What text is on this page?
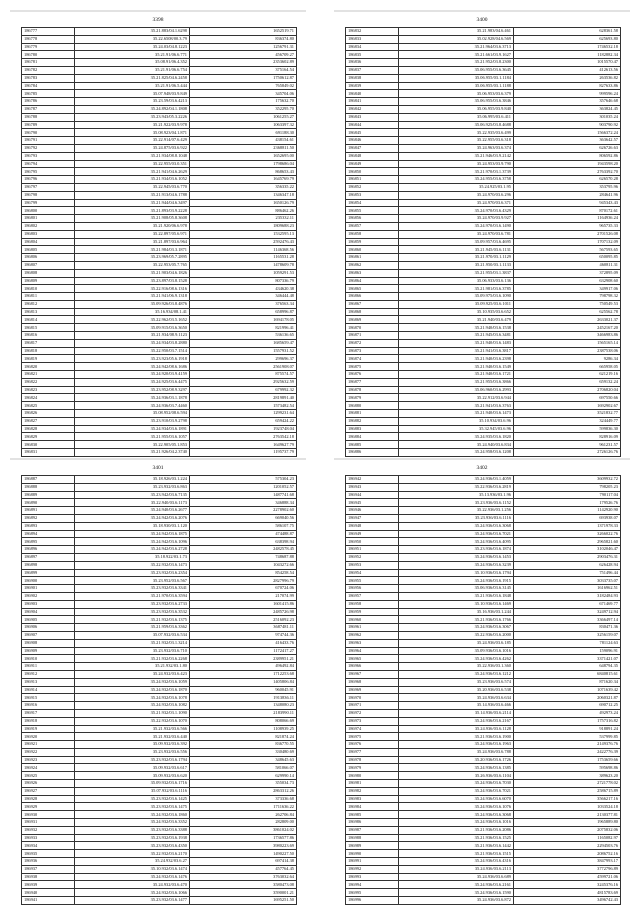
3398
186777	35.21.883/04.1.6298	1652519.71
186778	35.22.6508/00.3.79	836374.80
186779	35.24.03/04.8.1223	1256791.31
186780	35.21.91/06.6.771	456709.27
186781	35.08.91/06.4.352	2353602.89
186782	35.21.91/06.6.754	375164.54
186783	35.21.825/04.6.2458	1750612.87
186784	35.21.91/06.5.444	765849.02
186785	35.07.948/03.9.849	345704.06
186786	35.23.59/03.6.4213	175632.70
186787	35.24.892/04.1.1808	352295.70
186788	35.23.943/05.3.2226	1061255.27
186789	35.21.922/03.9.978	1063397.32
186790	35.08.923/04.1.871	691188.30
186791	35.22.914/07.6.429	438154.61
186792	35.24.875/03.6.922	2368811.50
186793	35.21.934/08.8.1048	1652695.00
186794	35.22.955/03.0.351	1798686.04
186795	35.21.941/04.6.2629	868653.43
186796	35.21.934/03.6.1052	1645769.79
186797	35.22.945/03.6.770	356335.22
186798	35.21.913/04.6.1788	1346347.18
186799	35.21.944/04.6.3497	1650126.79
186800	35.21.893/03.9.2228	886462.26
186801	35.21.908/05.8.3608	235332.11
186802	35.21.920/06.6.978	1809688.23
186803	35.22.897/05.6.971	1532595.13
186804	35.21.897/03.6.964	2592476.43
186805	35.21.984/03.3.1871	1146368.56
186806	35.23.969/05.7.2895	1165531.28
186807	35.22.953/05.7.765	1478609.78
186808	35.21.903/04.6.1826	1059291.53
186809	35.23.897/03.8.1528	807336.79
186810	35.22.916/08.6.1316	434620.38
186811	35.21.941/06.9.1318	346444.48
186812	35.09.926/03.8.4876	376563.34
186813	35.16.934/08.1.41	658996.87
186814	35.22.962/03.5.1652	1694178.05
186815	35.09.915/03.6.3650	821996.41
186816	35.21.934/08.9.1123	536136.65
186817	35.24.934/03.8.2880	1685659.47
186818	35.22.950/03.7.1514	1557931.52
186819	35.23.923/05.6.1918	299696.37
186820	35.24.942/08.6.1686	2561908.07
186821	35.24.920/03.9.4159	875574.57
186822	35.24.925/03.6.4475	2925632.59
186823	35.23.952/08.9.3297	679992.32
186824	35.24.936/03.1.1878	2819891.40
186825	35.24.936/03.7.4460	1573482.54
186826	35.08.952/08.6.594	1299231.64
186827	35.23.910/03.9.2798	659424.22
186828	35.24.934/03.6.1891	1923748.04
186829	35.21.955/03.6.1057	2763542.18
186830	35.22.905/05.1.853	1649627.79
186831	35.21.926/04.2.3740	1195737.79
3400
186832	35.21.983/04.6.461	628361.58
186833	35.02.928/04.6.569	625693.80
186834	35.21.964/03.6.3713	1746532.18
186835	35.21.661/03.9.1627	1182882.34
186836	35.21.952/03.8.2300	1015570.47
186837	35.06.955/03.6.3645	412613.56
186838	35.06.955/03.1.1184	263536.82
186839	35.06.955/03.1.1188	827633.86
186840	35.06.953/03.6.379	999596.24
186841	35.06.955/03.6.3846	357646.68
186842	35.06.955/03.9.840	363824.45
186843	35.06.995/03.6.411	301035.24
186844	35.06.925/03.8.4688	903790.92
186845	35.22.935/03.6.499	1566372.24
186846	35.22.955/03.6.318	363642.57
186847	35.24.963/03.6.374	626726.63
186848	35.21.946/03.9.2142	806592.86
186849	35.24.953/03.9.790	1943598.20
186850	35.21.970/03.1.3739	2763392.70
186851	35.24.955/03.6.3758	626570.28
186852	35.24.925/03.1.95	353795.96
186853	35.24.970/03.6.296	284641.96
186854	35.24.970/03.6.371	945343.43
186855	35.24.970/03.6.4329	870172.61
186856	35.24.970/03.9.927	1164936.24
186857	35.24.970/03.6.1490	965735.33
186858	35.24.970/03.6.781	2701526.08
186859	35.09.957/03.6.4695	1707132.09
186860	35.21.945/03.6.1131	567593.65
186861	35.21.970/03.1.1129	650095.85
186862	35.21.950/03.1.1133	460811.31
186863	35.21.955/03.1.3837	372895.09
186864	35.06.933/03.6.136	632908.60
186865	35.21.981/03.6.3785	349917.06
186866	35.09.975/03.6.1090	798798.32
186867	35.09.925/03.6.1011	750549.53
186868	35.10.935/03.6.652	625562.78
186869	35.21.940/03.6.479	2633021.37
186870	35.21.940/03.6.1538	2452167.20
186871	35.21.945/03.6.3481	3466983.86
186872	35.21.940/03.6.1483	1565165.14
186873	35.21.941/03.6.3817	2387538.06
186874	35.21.940/03.6.2398	9286.34
186875	35.21.940/03.6.1549	665958.05
186876	35.21.940/03.6.1721	621219.16
186877	35.21.955/03.6.3866	659132.24
186878	35.06.960/03.6.2993	2706820.04
186879	35.22.912/03.6.944	697550.66
186880	35.21.941/03.6.3763	1692902.67
186881	35.21.940/03.6.1473	3521832.77
186882	35.10.934/03.6.96	324449.77
186883	35.32.945/03.6.96	599836.30
186884	35.24.935/03.6.1820	828916.09
186885	35.24.940/03.6.834	961231.57
186886	35.24.958/03.6.1208	2726126.76
3401
186887	35.18.926/03.1.224	575304.23
186888	35.23.932/03.6.863	1201052.57
186889	35.23.942/03.6.7135	1487741.68
186890	35.22.940/03.6.1173	346888.34
186891	35.24.940/03.6.2677	2278902.60
186892	35.24.942/03.6.2076	669040.56
186893	35.18.930/03.1.120	586107.75
186894	35.24.942/03.6.1875	474488.87
186895	35.24.942/03.6.1096	638398.94
186896	35.24.942/03.6.2728	2482578.45
186897	35.18.922/03.1.73	748687.88
186898	35.22.932/03.6.1473	1043272.66
186899	35.23.932/03.6.2354	854258.54
186900	35.23.952/03.6.567	2827996.79
186901	35.23.932/03.6.3341	670724.06
186902	35.21.970/03.6.3594	217074.99
186903	35.23.932/03.6.2733	1601415.86
186904	35.23.932/03.6.3532	2485726.98
186905	35.21.932/03.6.1375	2516092.23
186906	35.21.959/03.6.3362	3687481.11
186907	35.07.932/03.6.534	974744.36
186908	35.21.932/03.1.3214	416433.76
186909	35.23.932/03.6.710	1172417.27
186910	35.21.932/03.6.2268	2389951.21
186911	35.21.932/03.1.80	496492.84
186912	35.24.932/03.6.423	1712253.68
186913	35.24.932/03.6.1059	1405806.84
186914	35.24.932/03.6.1870	960045.91
186915	35.24.932/03.6.1078	1913836.11
186916	35.24.932/03.6.1082	1348080.23
186917	35.21.932/03.1.1090	2183990.11
186918	35.22.932/03.6.1070	808066.69
186919	35.21.932/03.6.566	1108939.25
186920	35.21.932/03.6.440	821874.24
186921	35.09.932/03.6.392	836770.55
186922	35.23.932/03.6.556	330480.69
186923	35.23.932/03.6.1794	348645.63
186924	35.09.932/03.6.617	581066.07
186925	35.09.932/03.6.620	629990.14
186926	35.09.932/03.6.1716	355034.73
186927	35.07.932/03.6.1116	2863312.26
186928	35.23.932/03.6.1425	373336.68
186929	35.23.932/03.6.1475	1711636.22
186930	35.24.932/03.6.1860	262706.84
186931	35.24.932/03.6.3352	282809.00
186932	35.23.932/03.6.3388	3861024.02
186933	35.23.932/03.6.1938	1736577.86
186934	35.23.932/03.6.4350	3980223.69
186935	35.22.932/03.6.2170	1490227.50
186936	35.24.932/03.6.27	697414.38
186937	35.10.932/03.6.1474	457764.45
186938	35.24.932/03.6.1476	3763032.64
186939	35.24.932/03.6.470	3580473.08
186940	35.24.932/03.6.1066	3590001.21
186941	35.23.932/03.6.1477	1695251.50
3402
186942	35.24.936/03.1.4059	3609932.72
186943	35.22.936/03.6.2819	798205.23
186944	35.13.936/03.1.96	790117.04
186945	35.23.936/03.6.1152	179526.76
186946	35.22.936/03.1.256	1142920.90
186947	35.23.936/03.6.1116	693938.07
186948	35.24.936/03.6.3068	1371978.33
186949	35.24.936/03.6.7021	3266022.76
186950	35.24.936/03.6.4095	2965821.60
186951	35.23.936/03.6.1874	3102046.47
186952	35.24.936/03.6.1453	2903476.31
186953	35.24.936/03.6.3239	626428.94
186954	35.10.936/03.6.1794	751496.44
186955	35.24.936/03.6.1915	3033735.07
186956	35.06.936/03.6.3145	1616962.51
186957	35.21.936/03.6.1848	3182484.93
186958	35.10.936/03.6.1469	671469.77
186959	35.16.936/03.1.244	3249712.94
186960	35.21.936/03.6.1766	3366497.14
186961	35.24.936/03.6.3067	830471.36
186962	35.22.936/03.6.2000	3256159.07
186963	35.24.936/03.6.185	781124.63
186964	35.09.936/03.6.1016	159096.91
186965	35.24.936/03.6.4262	3371421.07
186966	35.22.936/03.1.360	648794.35
186967	35.24.936/03.6.1212	6840815.61
186968	35.23.936/03.6.574	871620.34
186969	35.20.936/03.6.538	1071639.42
186970	35.24.936/03.6.634	2060321.87
186971	35.14.936/03.6.466	690712.25
186972	35.14.936/03.6.2114	492973.24
186973	35.24.936/03.6.2167	1757316.82
186974	35.24.936/03.6.1128	918891.24
186975	35.21.936/03.6.1900	537999.85
186976	35.24.936/03.6.1963	2149376.76
186977	35.24.936/03.6.788	2422776.39
186978	35.20.936/03.6.1726	1753659.66
186979	35.24.936/03.6.1385	595698.86
186980	35.26.936/03.6.1104	389623.20
186981	35.24.936/03.6.7030	2721778.02
186982	35.24.936/03.6.7021	2586715.89
186983	35.24.936/03.6.6070	3566217.16
186984	35.24.936/03.6.1076	1033524.18
186985	35.24.936/03.6.3068	2130377.81
186986	35.24.936/03.6.1016	1965889.80
186987	35.21.936/03.6.2086	2075832.06
186988	35.21.936/03.6.1525	1165082.97
186989	35.21.936/03.6.1442	2294503.76
186990	35.21.936/03.6.1515	2086752.16
186991	35.24.936/03.6.4316	3847993.17
186992	35.24.936/03.6.2113	3772796.89
186993	35.24.936/03.6.689	4599721.06
186994	35.24.936/03.6.2161	3245376.16
186995	35.24.936/03.6.1590	4815783.69
186996	35.24.936/03.6.872	3496742.43
